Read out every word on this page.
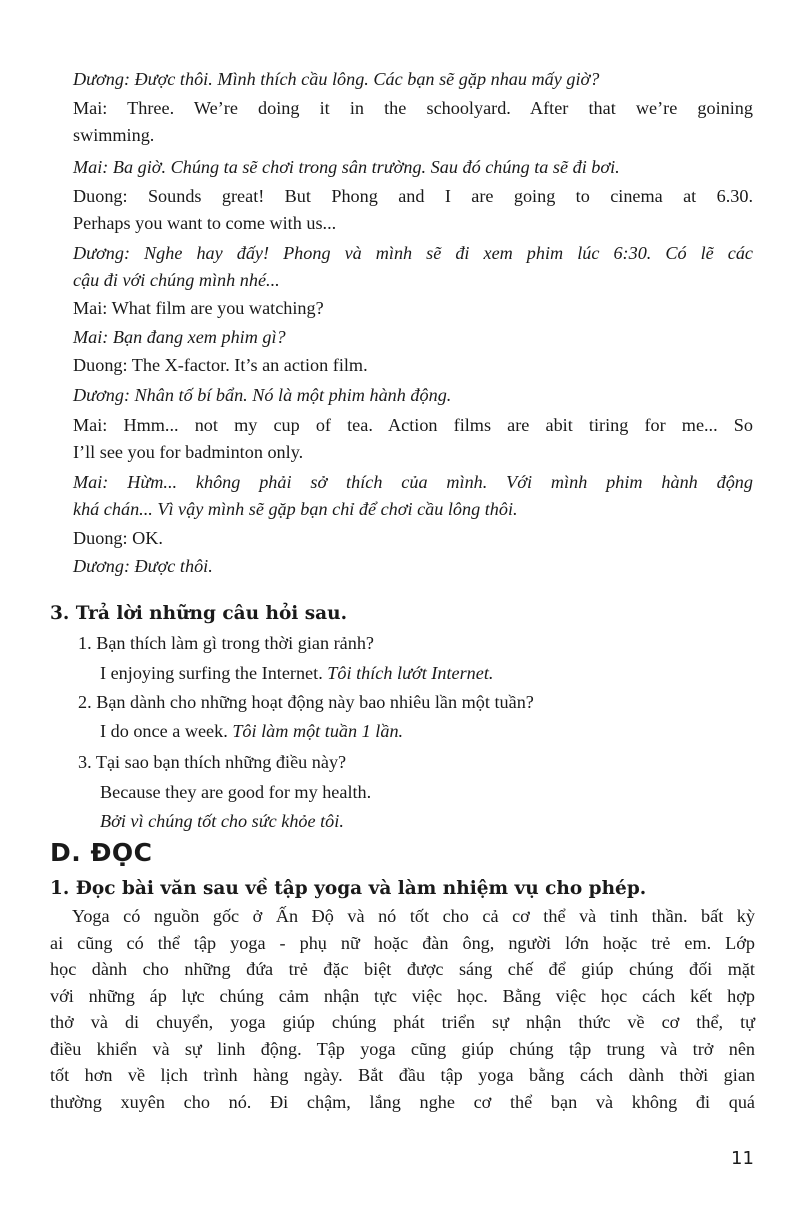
Dương: Được thôi. Mình thích cầu lông. Các bạn sẽ gặp nhau mấy giờ?
Mai: Three. We’re doing it in the schoolyard. After that we’re goining
swimming.
Mai: Ba giờ. Chúng ta sẽ chơi trong sân trường. Sau đó chúng ta sẽ đi bơi.
Duong: Sounds great! But Phong and I are going to cinema at 6.30.
Perhaps you want to come with us...
Dương: Nghe hay đấy! Phong và mình sẽ đi xem phim lúc 6:30. Có lẽ các
cậu đi với chúng mình nhé...
Mai: What film are you watching?
Mai: Bạn đang xem phim gì?
Duong: The X-factor. It’s an action film.
Dương: Nhân tố bí bẩn. Nó là một phim hành động.
Mai: Hmm... not my cup of tea. Action films are abit tiring for me... So
I’ll see you for badminton only.
Mai: Hừm... không phải sở thích của mình. Với mình phim hành động
khá chán... Vì vậy mình sẽ gặp bạn chỉ để chơi cầu lông thôi.
Duong: OK.
Dương: Được thôi.
3. Trả lời những câu hỏi sau.
1. Bạn thích làm gì trong thời gian rảnh?
I enjoying surfing the Internet. Tôi thích lướt Internet.
2. Bạn dành cho những hoạt động này bao nhiêu lần một tuần?
I do once a week. Tôi làm một tuần 1 lần.
3. Tại sao bạn thích những điều này?
Because they are good for my health.
Bởi vì chúng tốt cho sức khỏe tôi.
D. ĐỌC
1. Đọc bài văn sau về tập yoga và làm nhiệm vụ cho phép.
Yoga có nguồn gốc ở Ấn Độ và nó tốt cho cả cơ thể và tinh thần. bất kỳ
ai cũng có thể tập yoga - phụ nữ hoặc đàn ông, người lớn hoặc trẻ em. Lớp
học dành cho những đứa trẻ đặc biệt được sáng chế để giúp chúng đối mặt
với những áp lực chúng cảm nhận tực việc học. Bằng việc học cách kết hợp
thở và di chuyển, yoga giúp chúng phát triển sự nhận thức về cơ thể, tự
điều khiển và sự linh động. Tập yoga cũng giúp chúng tập trung và trở nên
tốt hơn về lịch trình hàng ngày. Bắt đầu tập yoga bằng cách dành thời gian
thường xuyên cho nó. Đi chậm, lắng nghe cơ thể bạn và không đi quá
11
